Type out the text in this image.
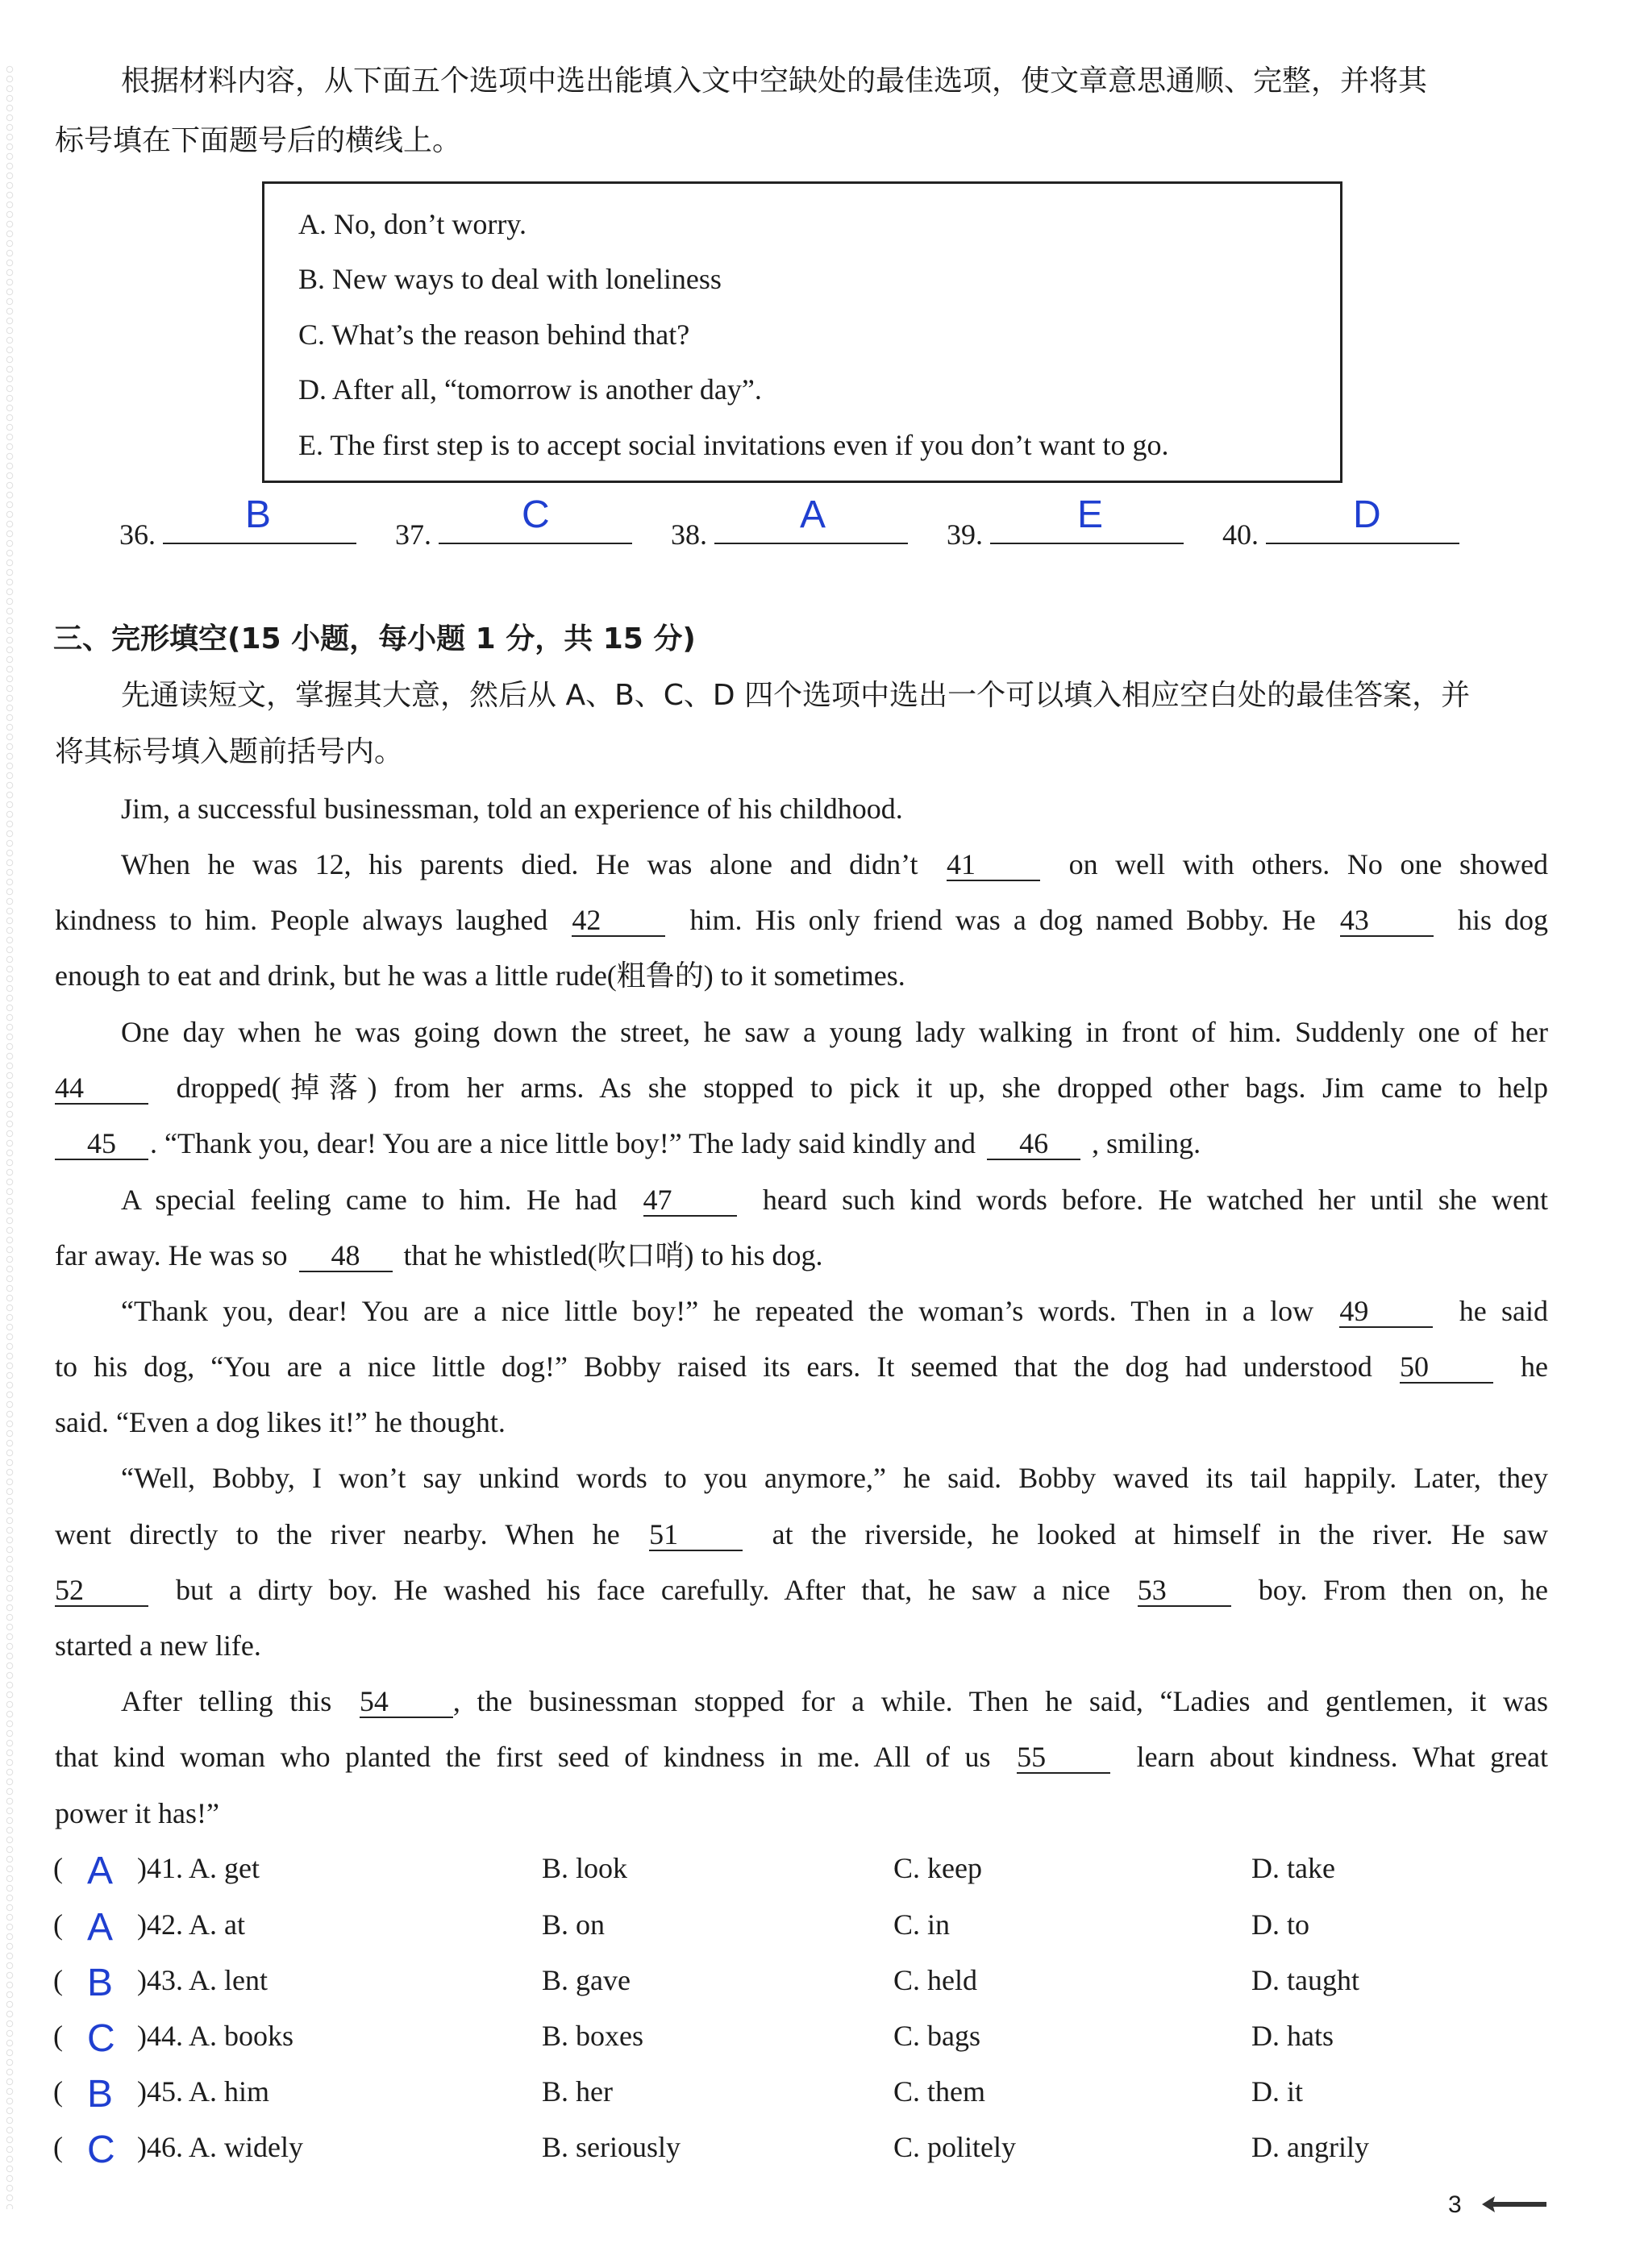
根据材料内容，从下面五个选项中选出能填入文中空缺处的最佳选项，使文章意思通顺、完整，并将其
标号填在下面题号后的横线上。
A. No, don’t worry.
B. New ways to deal with loneliness
C. What’s the reason behind that?
D. After all, “tomorrow is another day”.
E. The first step is to accept social invitations even if you don’t want to go.
36.	B	37.	C	38.	A	39.	E	40.	D
三、完形填空(15 小题，每小题 1 分，共 15 分)
先通读短文，掌握其大意，然后从 A、B、C、D 四个选项中选出一个可以填入相应空白处的最佳答案，并
将其标号填入题前括号内。
Jim, a successful businessman, told an experience of his childhood.
When he was 12, his parents died. He was alone and didn’t 41	on well with others. No one showed
kindness to him. People always laughed 42	him. His only friend was a dog named Bobby. He 43	his dog
enough to eat and drink, but he was a little rude(粗鲁的) to it sometimes.
One day when he was going down the street, he saw a young lady walking in front of him. Suddenly one of her
44	dropped(掉落) from her arms. As she stopped to pick it up, she dropped other bags. Jim came to help
45 . “Thank you, dear! You are a nice little boy!” The lady said kindly and 46 , smiling.
A special feeling came to him. He had 47	heard such kind words before. He watched her until she went
far away. He was so 48 that he whistled(吹口哨) to his dog.
“Thank you, dear! You are a nice little boy!” he repeated the woman’s words. Then in a low 49	he said
to his dog, “You are a nice little dog!” Bobby raised its ears. It seemed that the dog had understood 50	he
said. “Even a dog likes it!” he thought.
“Well, Bobby, I won’t say unkind words to you anymore,” he said. Bobby waved its tail happily. Later, they
went directly to the river nearby. When he 51	at the riverside, he looked at himself in the river. He saw
52	but a dirty boy. He washed his face carefully. After that, he saw a nice 53	boy. From then on, he
started a new life.
After telling this 54 , the businessman stopped for a while. Then he said, “Ladies and gentlemen, it was
that kind woman who planted the first seed of kindness in me. All of us 55	learn about kindness. What great
power it has!”
( A )41. A. get	B. look	C. keep	D. take
( A )42. A. at	B. on	C. in	D. to
( B )43. A. lent	B. gave	C. held	D. taught
( C )44. A. books	B. boxes	C. bags	D. hats
( B )45. A. him	B. her	C. them	D. it
( C )46. A. widely	B. seriously	C. politely	D. angrily
3
